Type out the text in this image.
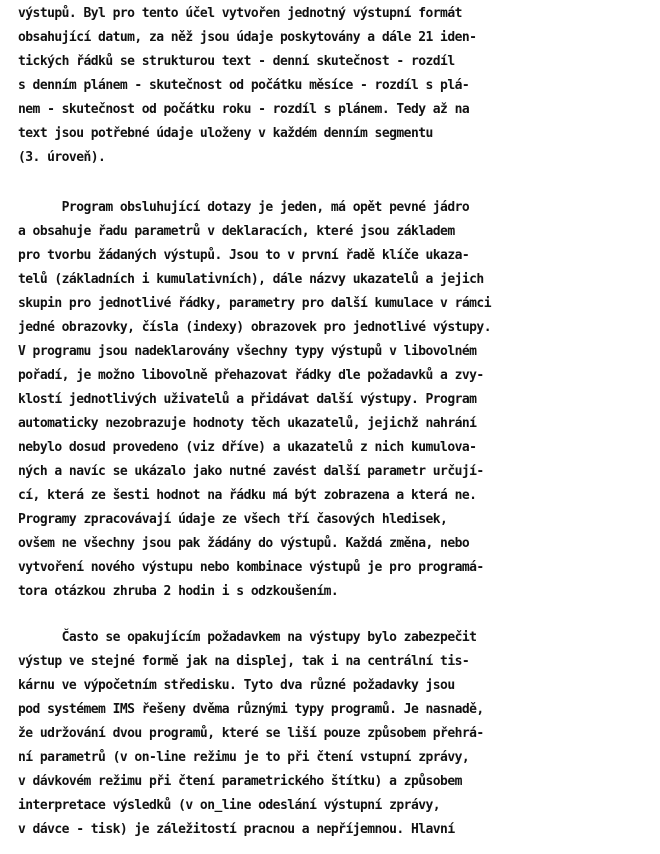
výstupů. Byl pro tento účel vytvořen jednotný výstupní formát
obsahující datum, za něž jsou údaje poskytovány a dále 21 iden-
tických řádků se strukturou text - denní skutečnost - rozdíl
s denním plánem - skutečnost od počátku měsíce - rozdíl s plá-
nem - skutečnost od počátku roku - rozdíl s plánem. Tedy až na
text jsou potřebné údaje uloženy v každém denním segmentu
(3. úroveň).
Program obsluhující dotazy je jeden, má opět pevné jádro
a obsahuje řadu parametrů v deklaracích, které jsou základem
pro tvorbu žádaných výstupů. Jsou to v první řadě klíče ukaza-
telů (základních i kumulativních), dále názvy ukazatelů a jejich
skupin pro jednotlivé řádky, parametry pro další kumulace v rámci
jedné obrazovky, čísla (indexy) obrazovek pro jednotlivé výstupy.
V programu jsou nadeklarovány všechny typy výstupů v libovolném
pořadí, je možno libovolně přehazovat řádky dle požadavků a zvy-
klostí jednotlivých uživatelů a přidávat další výstupy. Program
automaticky nezobrazuje hodnoty těch ukazatelů, jejichž nahrání
nebylo dosud provedeno (viz dříve) a ukazatelů z nich kumulova-
ných a navíc se ukázalo jako nutné zavést další parametr určují-
cí, která ze šesti hodnot na řádku má být zobrazena a která ne.
Programy zpracovávají údaje ze všech tří časových hledisek,
ovšem ne všechny jsou pak žádány do výstupů. Každá změna, nebo
vytvoření nového výstupu nebo kombinace výstupů je pro programá-
tora otázkou zhruba 2 hodin i s odzkoušením.
Často se opakujícím požadavkem na výstupy bylo zabezpečit
výstup ve stejné formě jak na displej, tak i na centrální tis-
kárnu ve výpočetním středisku. Tyto dva různé požadavky jsou
pod systémem IMS řešeny dvěma různými typy programů. Je nasnadě,
že udržování dvou programů, které se liší pouze způsobem přehrá-
ní parametrů (v on-line režimu je to při čtení vstupní zprávy,
v dávkovém režimu při čtení parametrického štítku) a způsobem
interpretace výsledků (v on_line odeslání výstupní zprávy,
v dávce - tisk) je záležitostí pracnou a nepříjemnou. Hlavní
